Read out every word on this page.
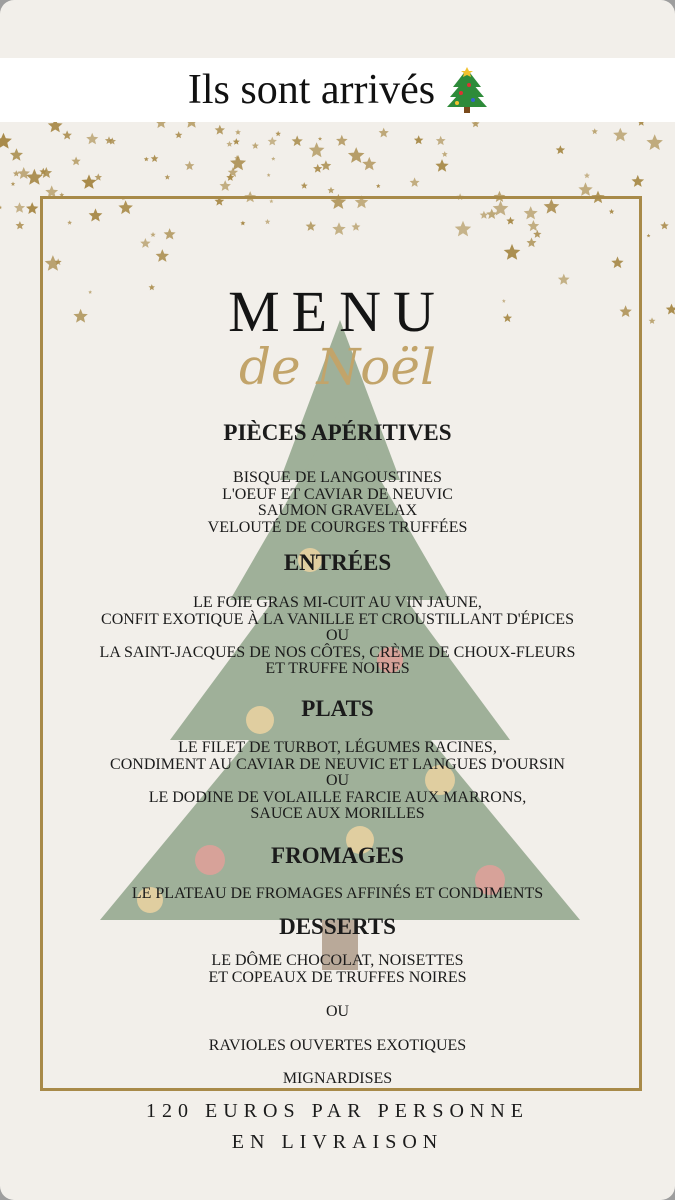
Ils sont arrivés
MENU
de Noël
PIÈCES APÉRITIVES
BISQUE DE LANGOUSTINES
L'OEUF ET CAVIAR DE NEUVIC
SAUMON GRAVELAX
VELOUTÉ DE COURGES TRUFFÉES
ENTRÉES
LE FOIE GRAS MI-CUIT AU VIN JAUNE,
CONFIT EXOTIQUE À LA VANILLE ET CROUSTILLANT D'ÉPICES
OU
LA SAINT-JACQUES DE NOS CÔTES, CRÈME DE CHOUX-FLEURS
ET TRUFFE NOIRES
PLATS
LE FILET DE TURBOT, LÉGUMES RACINES,
CONDIMENT AU CAVIAR DE NEUVIC ET LANGUES D'OURSIN
OU
LE DODINE DE VOLAILLE FARCIE AUX MARRONS,
SAUCE AUX MORILLES
FROMAGES
LE PLATEAU DE FROMAGES AFFINÉS ET CONDIMENTS
DESSERTS
LE DÔME CHOCOLAT, NOISETTES
ET COPEAUX DE TRUFFES NOIRES
OU
RAVIOLES OUVERTES EXOTIQUES
MIGNARDISES
120 EUROS PAR PERSONNE
EN LIVRAISON
